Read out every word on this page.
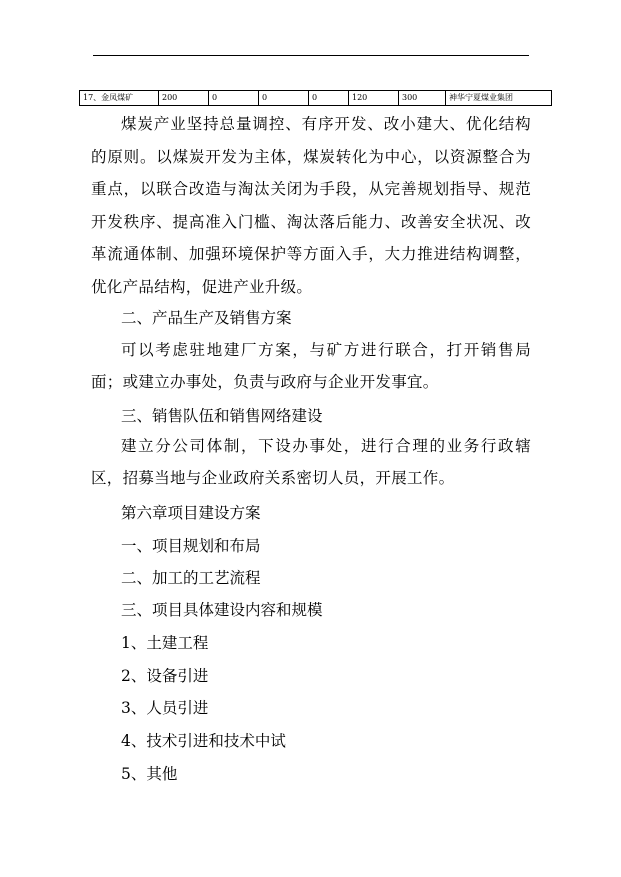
17、金凤煤矿	200	0	0	0	120	300	神华宁夏煤业集团
煤炭产业坚持总量调控、有序开发、改小建大、优化结构的原则。以煤炭开发为主体，煤炭转化为中心，以资源整合为重点，以联合改造与淘汰关闭为手段，从完善规划指导、规范开发秩序、提高准入门槛、淘汰落后能力、改善安全状况、改革流通体制、加强环境保护等方面入手，大力推进结构调整，优化产品结构，促进产业升级。
二、产品生产及销售方案
可以考虑驻地建厂方案，与矿方进行联合，打开销售局面；或建立办事处，负责与政府与企业开发事宜。
三、销售队伍和销售网络建设
建立分公司体制，下设办事处，进行合理的业务行政辖区，招募当地与企业政府关系密切人员，开展工作。
第六章项目建设方案
一、项目规划和布局
二、加工的工艺流程
三、项目具体建设内容和规模
1、土建工程
2、设备引进
3、人员引进
4、技术引进和技术中试
5、其他
